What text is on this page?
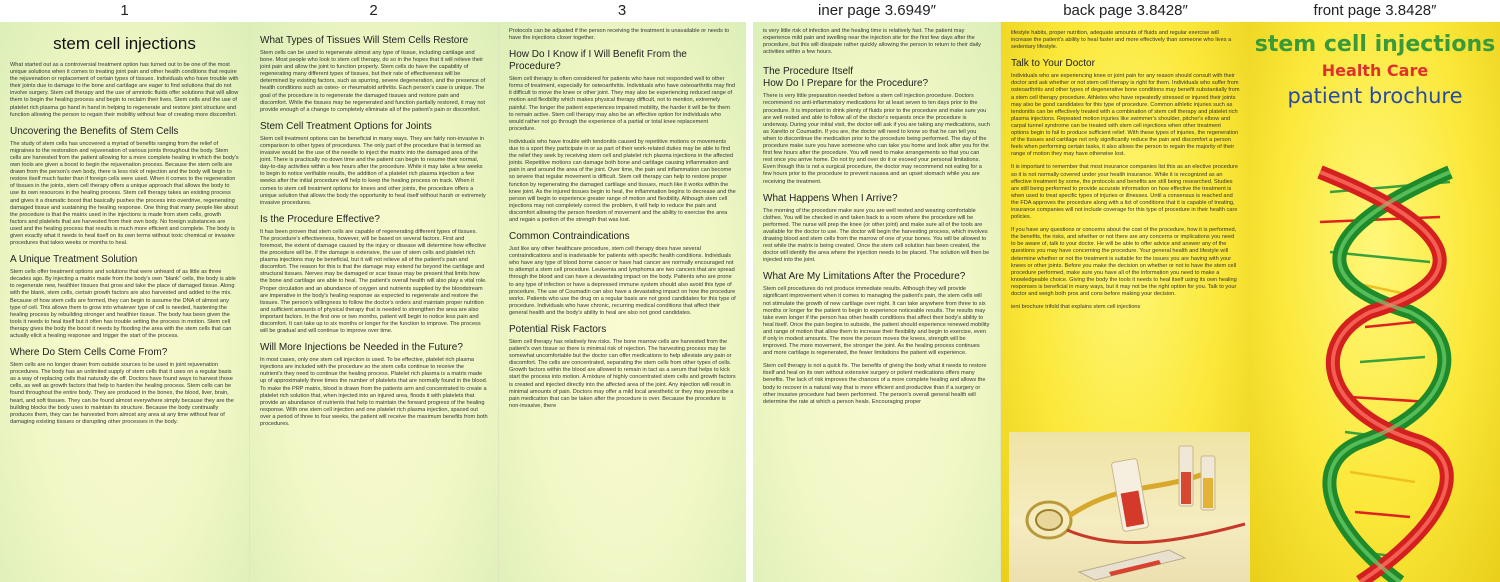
1	2	3
stem cell injections

What started out as a controversial treatment option has turned out to be one of the most unique solutions when it comes to treating joint pain and other health conditions that require the rejuvenation or replacement of certain types of tissues. Individuals who have trouble with their joints due to damage to the bone and cartilage are eager to find solutions that do not involve surgery. Stem cell therapy and the use of amniotic fluids offer solutions that will allow them to begin the healing process and begin to reclaim their lives. Stem cells and the use of platelet rich plasma go hand in hand in helping to regenerate and restore joint structure and function allowing the person to regain their mobility without fear of creating more discomfort.

Uncovering the Benefits of Stem Cells

The study of stem cells has uncovered a myriad of benefits ranging from the relief of migraines to the restoration and rejuvenation of various joints throughout the body. Stem cells are harvested from the patient allowing for a more complete healing in which the body's own tools are given a boost to begin the rejuvenation process. Because the stem cells are drawn from the person's own body, there is less risk of rejection and the body will begin to restore itself much faster than if foreign cells were used. When it comes to the regeneration of tissues in the joints, stem cell therapy offers a unique approach that allows the body to use its own resources in the healing process. Stem cell therapy takes an existing process and gives it a dramatic boost that basically pushes the process into overdrive, regenerating damaged tissue and sustaining the healing response. One thing that many people like about the procedure is that the matrix used in the injections is made from stem cells, growth factors and platelets that are harvested from their own body. No foreign substances are used and the healing process that results is much more efficient and complete. The body is given exactly what it needs to heal itself on its own terms without toxic chemical or invasive procedures that takes weeks or months to heal.

A Unique Treatment Solution

Stem cells offer treatment options and solutions that were unheard of as little as three decades ago. By injecting a matrix made from the body's own “blank” cells, the body is able to regenerate new, healthier tissues that grow and take the place of damaged tissue. Along with the blank, stem cells, certain growth factors are also harvested and added to the mix. Because of how stem cells are formed, they can begin to assume the DNA of almost any type of cell. This allows them to grow into whatever type of cell is needed, hastening the healing process by rebuilding stronger and healthier tissue. The body has been given the tools it needs to heal itself but it often has trouble setting the process in motion. Stem cell therapy gives the body the boost it needs by flooding the area with the stem cells that can actually elicit a healing response and trigger the start of the process.

Where Do Stem Cells Come From?

Stem cells are no longer drawn from outside sources to be used in joint rejuvenation procedures. The body has an unlimited supply of stem cells that it uses on a regular basis as a way of replacing cells that naturally die off. Doctors have found ways to harvest those cells, as well as growth factors that help to harden the healing process. Stem cells can be found throughout the entire body. They are produced in the bones, the blood, liver, brain, heart, and soft tissues. They can be found almost everywhere simply because they are the building blocks the body uses to maintain its structure. Because the body continually produces them, they can be harvested from almost any area at any time without fear of damaging existing tissues or disrupting other processes in the body.

What Types of Tissues Will Stem Cells Restore

Stem cells can be used to regenerate almost any type of tissue, including cartilage and bone. Most people who look to stem cell therapy, do so in the hopes that it will relieve their joint pain and allow the joint to function properly. Stem cells do have the capability of regenerating many different types of tissues, but their rate of effectiveness will be determined by existing factors, such as spurring, severe degeneration, and the presence of health conditions such as osteo- or rheumatoid arthritis. Each person's case is unique. The goal of the procedure is to regenerate the damaged tissues and restore pain and discomfort. While the tissues may be regenerated and function partially restored, it may not provide enough of a change to completely eliminate all of the patient's pain or discomfort.

Stem Cell Treatment Options for Joints

Stem cell treatment options can be beneficial in many ways. They are fairly non-invasive in comparison to other types of procedures. The only part of the procedure that is termed as invasive would be the use of the needle to inject the matrix into the damaged area of the joint. There is practically no down time and the patient can begin to resume their normal, day-to-day activities within a few hours after the procedure. While it may take a few weeks to begin to notice verifiable results, the addition of a platelet rich plasma injection a few weeks after the initial procedure will help to keep the healing process on track. When it comes to stem cell treatment options for knees and other joints, the procedure offers a unique solution that allows the body the opportunity to heal itself without harsh or extremely invasive procedures.

Is the Procedure Effective?

It has been proven that stem cells are capable of regenerating different types of tissues. The procedure's effectiveness, however, will be based on several factors. First and foremost, the extent of damage caused by the injury or disease will determine how effective the procedure will be. If the damage is extensive, the use of stem cells and platelet rich plasma injections may be beneficial, but it will not relieve all of the patient's pain and discomfort. The reason for this is that the damage may extend far beyond the cartilage and structural tissues. Nerves may be damaged or scar tissue may be present that limits how the bone and cartilage are able to heal. The patient's overall health will also play a vital role. Proper circulation and an abundance of oxygen and nutrients supplied by the bloodstream are imperative in the body's healing response as expected to regenerate and restore the tissues. The person's willingness to follow the doctor's orders and maintain proper nutrition and sufficient amounts of physical therapy that is needed to strengthen the area are also important factors. In the first one or two months, patient will begin to notice less pain and discomfort. It can take up to six months or longer for the function to improve. The process will be gradual and will continue to improve over time.

Will More Injections be Needed in the Future?

In most cases, only one stem cell injection is used. To be effective, platelet rich plasma injections are included with the procedure so the stem cells continue to receive the nutrient's they need to continue the healing process. Platelet rich plasma is a matrix made up of approximately three times the number of platelets that are normally found in the blood. To make the PRP matrix, blood is drawn from the patients arm and concentrated to create a platelet rich solution that, when injected into an injured area, floods it with platelets that provide an abundance of nutrients that help to maintain the forward progress of the healing response. With one stem cell injection and one platelet rich plasma injection, spaced out over a period of three to four weeks, the patient will receive the maximum benefits from both procedures.

Protocols can be adjusted if the person receiving the treatment is unavailable or needs to have the injections closer together.

How Do I Know if I Will Benefit From the Procedure?

Stem cell therapy is often considered for patients who have not responded well to other forms of treatment, especially for osteoarthritis. Individuals who have osteoarthritis may find it difficult to move the knee or other joint. They may also be experiencing reduced range of motion and flexibility which makes physical therapy difficult, not to mention, extremely painful. The longer the patient experiences impaired mobility, the harder it will be for them to remain active. Stem cell therapy may also be an effective option for individuals who would rather not go through the experience of a partial or total knee replacement procedure.

Individuals who have trouble with tendonitis caused by repetitive motions or movements due to a sport they participate in or as part of their work-related duties may be able to find the relief they seek by receiving stem cell and platelet rich plasma injections in the affected joints. Repetitive motions can damage both bone and cartilage causing inflammation and pain in and around the area of the joint. Over time, the pain and inflammation can become so severe that regular movement is difficult. Stem cell therapy can help to restore proper function by regenerating the damaged cartilage and tissues, much like it works within the knee joint. As the injured tissues begin to heal, the inflammation begins to decrease and the person will begin to experience greater range of motion and flexibility. Although stem cell injections may not completely correct the problem, it will help to reduce the pain and discomfort allowing the person freedom of movement and the ability to exercise the area and regain a portion of the strength that was lost.

Common Contraindications

Just like any other healthcare procedure, stem cell therapy does have several contraindications and is inadvisable for patients with specific health conditions. Individuals who have any type of blood borne cancer or have had cancer are normally encouraged not to attempt a stem cell procedure. Leukemia and lymphoma are two cancers that are spread through the blood and can have a devastating impact on the body. Patients who are prone to any type of infection or have a depressed immune system should also avoid this type of procedure. The use of Coumadin can also have a devastating impact on how the procedure works. Patients who use the drug on a regular basis are not good candidates for this type of procedure. Individuals who have chronic, recurring medical conditions that affect their general health and the body's ability to heal are also not good candidates.

Potential Risk Factors

Stem cell therapy has relatively few risks. The bone marrow cells are harvested from the patient's own tissue so there is minimal risk of rejection. The harvesting process may be somewhat uncomfortable but the doctor can offer medications to help alleviate any pain or discomfort. The cells are concentrated, separating the stem cells from other types of cells. Growth factors within the blood are allowed to remain in tact as a serum that helps to kick start the process into motion. A mixture of highly concentrated stem cells and growth factors is created and injected directly into the affected area of the joint. Any injection will result in minimal amounts of pain. Doctors may offer a mild local anesthetic or they may prescribe a pain medication that can be taken after the procedure is over. Because the procedure is non-invasive, there

iner page 3.6949″	back page 3.8428″	front page 3.8428″

is very little risk of infection and the healing time is relatively fast. The patient may experience mild pain and swelling near the injection site for the first few days after the procedure, but this will dissipate rather quickly allowing the person to return to their daily activities within a few hours.

The Procedure Itself
How Do I Prepare for the Procedure?

There is very little preparation needed before a stem cell injection procedure. Doctors recommend no anti-inflammatory medications for at least seven to ten days prior to the procedure. It is important to drink plenty of fluids prior to the procedure and make sure you are well rested and able to follow all of the doctor's requests once the procedure is underway. During your initial visit, the doctor will ask if you are taking any medications, such as Xarelto or Coumadin. If you are, the doctor will need to know so that he can tell you when to discontinue the medication prior to the procedure being performed. The day of the procedure make sure you have someone who can take you home and look after you for the first few hours after the procedure. You will need to make arrangements so that you can rest once you arrive home. Do not try and over do it or exceed your personal limitations. Even though this is not a surgical procedure, the doctor may recommend not eating for a few hours prior to the procedure to prevent nausea and an upset stomach while you are receiving the treatment.

What Happens When I Arrive?

The morning of the procedure make sure you are well rested and wearing comfortable clothes. You will be checked in and taken back to a room where the procedure will be performed. The nurse will prep the knee (or other joint) and make sure all of the tools are available for the doctor to use. The doctor will begin the harvesting process, which involves drawing blood and stem cells from the marrow of one of your bones. You will be allowed to rest while the matrix is being created. Once the stem cell solution has been created, the doctor will identify the area where the injection needs to be placed. The solution will then be injected into the joint.

What Are My Limitations After the Procedure?

Stem cell procedures do not produce immediate results. Although they will provide significant improvement when it comes to managing the patient's pain, the stem cells will not stimulate the growth of new cartilage over night. It can take anywhere from three to six months or longer for the patient to begin to experience noticeable results. The results may take even longer if the person has other health conditions that affect their body's ability to heal itself. Once the pain begins to subside, the patient should experience renewed mobility and range of motion that allow them to increase their flexibility and begin to exercise, even if only in modest amounts. The more the person moves the knees, strength will be improved. The more movement, the stronger the joint. As the healing process continues and more cartilage is regenerated, the fewer limitations the patient will experience.

Stem cell therapy is not a quick fix. The benefits of giving the body what it needs to restore itself and heal on its own without extensive surgery or potent medications offers many benefits. The lack of risk improves the chances of a more complete healing and allows the body to recover in a natural way that is more efficient and productive than if a surgery or other invasive procedure had been performed. The person's overall general health will determine the rate at which a person heals. Encouraging proper

lifestyle habits, proper nutrition, adequate amounts of fluids and regular exercise will increase the patient's ability to heal faster and more effectively than someone who lives a sedentary lifestyle.

Talk to Your Doctor

Individuals who are experiencing knee or joint pain for any reason should consult with their doctor and ask whether or not stem cell therapy is right for them. Individuals who suffer from osteoarthritis and other types of degenerative bone conditions may benefit substantially from a stem cell therapy procedure. Athletes who have repeatedly stressed or injured their joints may also be good candidates for this type of procedure. Common athletic injuries such as tendonitis can be effectively treated with a combination of stem cell therapy and platelet rich plasma injections. Repeated motion injuries like swimmer's shoulder, pitcher's elbow and carpal tunnel syndrome can be treated with stem cell injections when other treatment options begin to fail to produce sufficient relief. With these types of injuries, the regeneration of the tissues and cartilage not only significantly reduce the pain and discomfort a person feels when performing certain tasks, it also allows the person to regain the majority of their range of motion they may have otherwise lost.

It is important to remember that most insurance companies list this as an elective procedure so it is not normally covered under your health insurance. While it is recognized as an effective treatment by some, the protocols and benefits are still being researched. Studies are still being performed to provide accurate information on how effective the treatment is when used to treat specific types of injuries or illnesses. Until a consensus is reached and the FDA approves the procedure along with a list of conditions that it is capable of treating, insurance companies will not include coverage for this type of procedure in their health care policies.

If you have any questions or concerns about the cost of the procedure, how it is performed, the benefits, the risks, and whether or not there are any concerns or implications you need to be aware of, talk to your doctor. He will be able to offer advice and answer any of the questions you may have concerning the procedure. Your general health and lifestyle will determine whether or not the treatment is suitable for the issues you are having with your knees or other joints. Before you make the decision on whether or not to have the stem cell procedure performed, make sure you have all of the information you need to make a knowledgeable choice. Giving the body the tools it needs to heal itself using its own healing responses is beneficial in many ways, but it may not be the right option for you. Talk to your doctor and weigh both pros and cons before making your decision.

ient brochure trifold that explains stem cell injections

stem cell injections
Health Care
patient brochure
